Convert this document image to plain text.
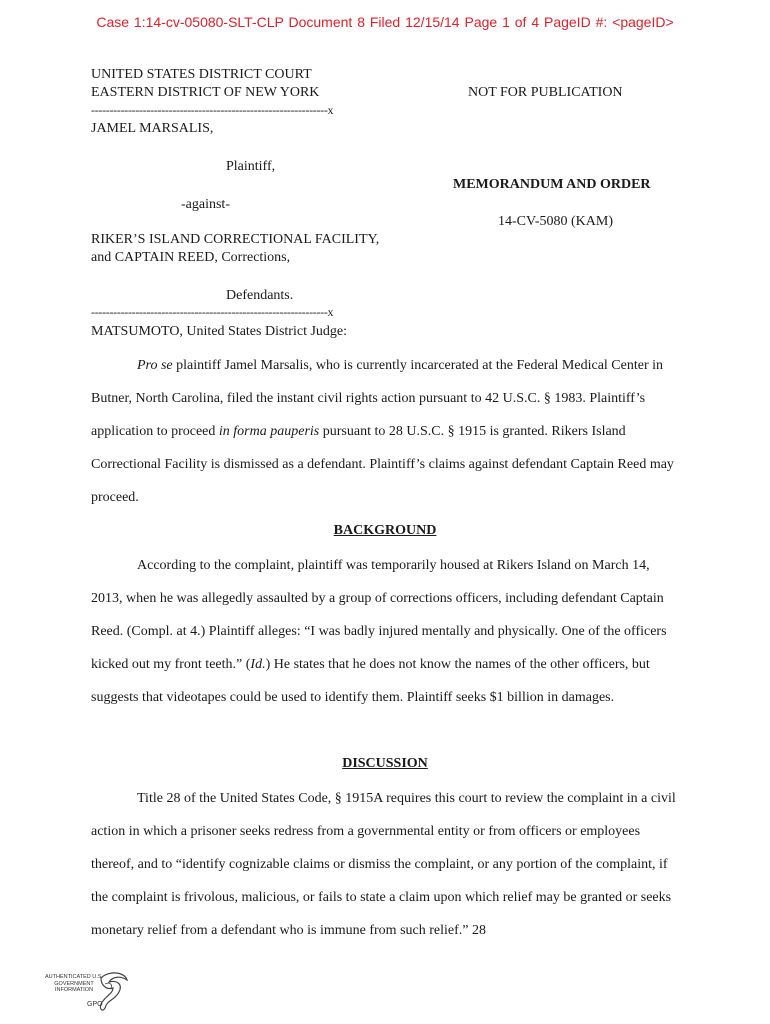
Case 1:14-cv-05080-SLT-CLP Document 8 Filed 12/15/14 Page 1 of 4 PageID #: <pageID>
UNITED STATES DISTRICT COURT
EASTERN DISTRICT OF NEW YORK	NOT FOR PUBLICATION
----------------------------------------------------------------x
JAMEL MARSALIS,
Plaintiff,
MEMORANDUM AND ORDER
-against-
14-CV-5080 (KAM)
RIKER’S ISLAND CORRECTIONAL FACILITY,
and CAPTAIN REED, Corrections,
Defendants.
----------------------------------------------------------------x
MATSUMOTO, United States District Judge:
Pro se plaintiff Jamel Marsalis, who is currently incarcerated at the Federal Medical Center in Butner, North Carolina, filed the instant civil rights action pursuant to 42 U.S.C. § 1983. Plaintiff’s application to proceed in forma pauperis pursuant to 28 U.S.C. § 1915 is granted. Rikers Island Correctional Facility is dismissed as a defendant. Plaintiff’s claims against defendant Captain Reed may proceed.
BACKGROUND
According to the complaint, plaintiff was temporarily housed at Rikers Island on March 14, 2013, when he was allegedly assaulted by a group of corrections officers, including defendant Captain Reed. (Compl. at 4.) Plaintiff alleges: “I was badly injured mentally and physically. One of the officers kicked out my front teeth.” (Id.) He states that he does not know the names of the other officers, but suggests that videotapes could be used to identify them. Plaintiff seeks $1 billion in damages.
DISCUSSION
Title 28 of the United States Code, § 1915A requires this court to review the complaint in a civil action in which a prisoner seeks redress from a governmental entity or from officers or employees thereof, and to “identify cognizable claims or dismiss the complaint, or any portion of the complaint, if the complaint is frivolous, malicious, or fails to state a claim upon which relief may be granted or seeks monetary relief from a defendant who is immune from such relief.” 28
AUTHENTICATED U.S. GOVERNMENT INFORMATION
GPO
